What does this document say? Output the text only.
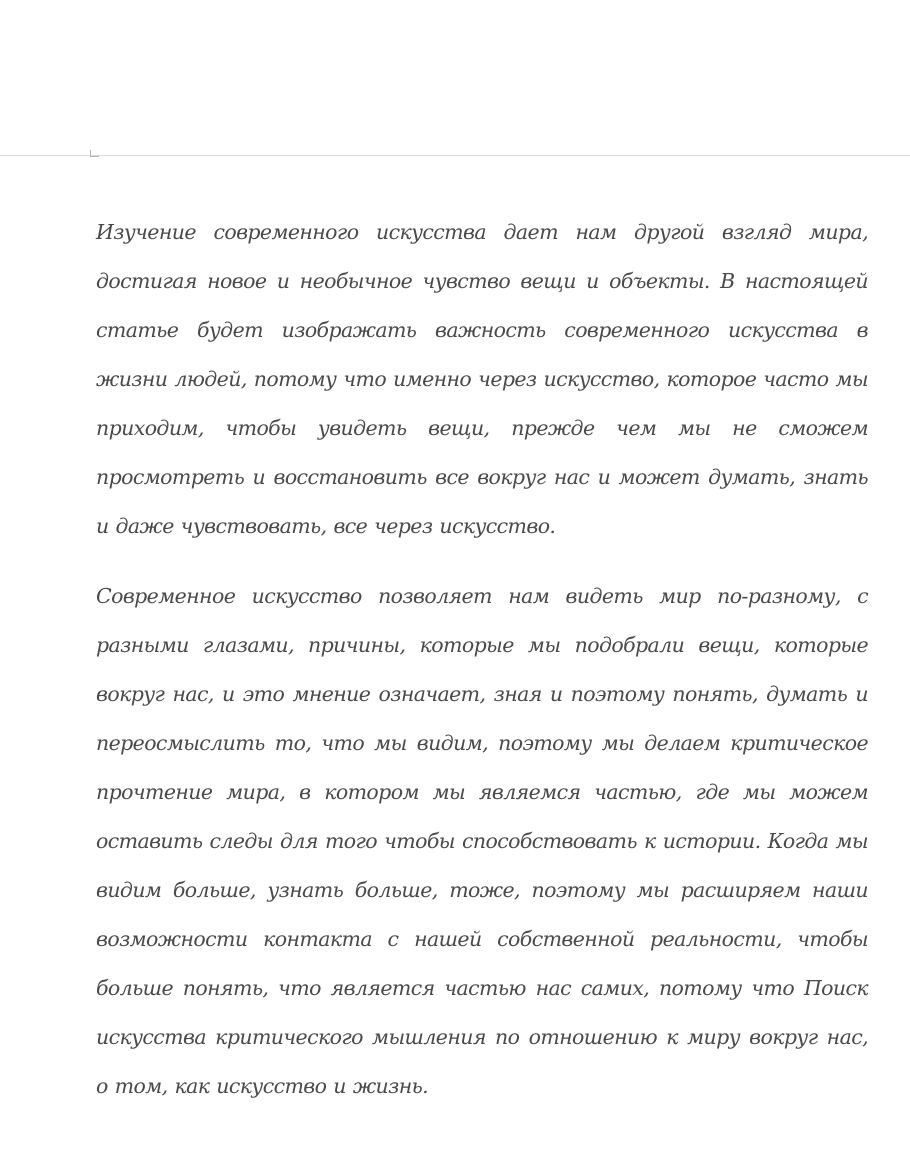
Изучение современного искусства дает нам другой взгляд мира, достигая новое и необычное чувство вещи и объекты. В настоящей статье будет изображать важность современного искусства в жизни людей, потому что именно через искусство, которое часто мы приходим, чтобы увидеть вещи, прежде чем мы не сможем просмотреть и восстановить все вокруг нас и может думать, знать и даже чувствовать, все через искусство.

Современное искусство позволяет нам видеть мир по-разному, с разными глазами, причины, которые мы подобрали вещи, которые вокруг нас, и это мнение означает, зная и поэтому понять, думать и переосмыслить то, что мы видим, поэтому мы делаем критическое прочтение мира, в котором мы являемся частью, где мы можем оставить следы для того чтобы способствовать к истории. Когда мы видим больше, узнать больше, тоже, поэтому мы расширяем наши возможности контакта с нашей собственной реальности, чтобы больше понять, что является частью нас самих, потому что Поиск искусства критического мышления по отношению к миру вокруг нас, о том, как искусство и жизнь.
